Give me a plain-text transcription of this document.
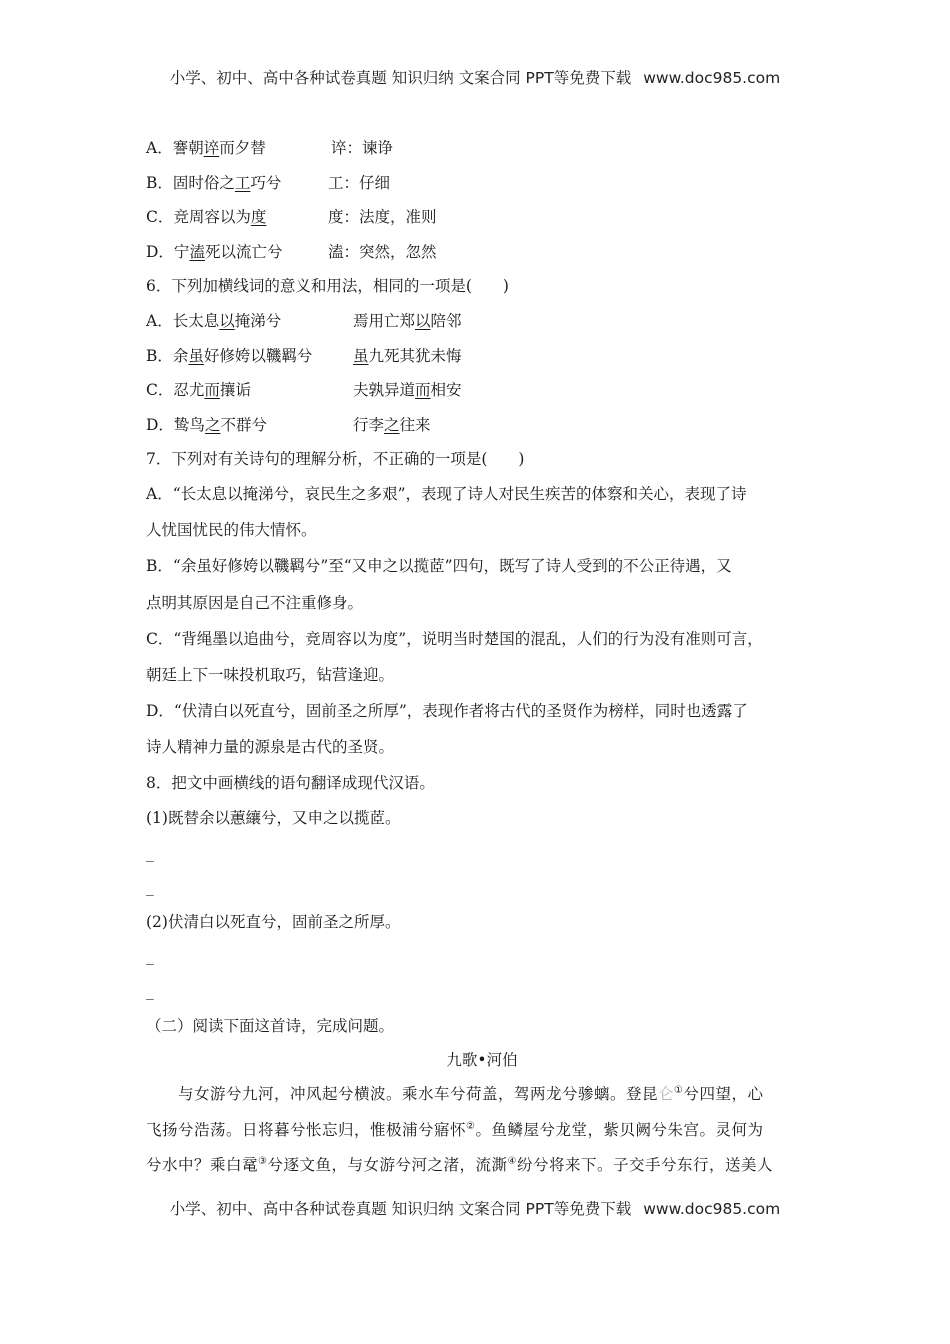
小学、初中、高中各种试卷真题 知识归纳 文案合同 PPT等免费下载 www.doc985.com
A．謇朝谇而夕替	谇：谏诤
B．固时俗之工巧兮	工：仔细
C．竞周容以为度	度：法度，准则
D．宁溘死以流亡兮	溘：突然，忽然
6．下列加横线词的意义和用法，相同的一项是(　　)
A．长太息以掩涕兮	焉用亡郑以陪邻
B．余虽好修姱以鞿羁兮	虽九死其犹未悔
C．忍尤而攘诟	夫孰异道而相安
D．鸷鸟之不群兮	行李之往来
7．下列对有关诗句的理解分析，不正确的一项是(　　)
A．“长太息以掩涕兮，哀民生之多艰”，表现了诗人对民生疾苦的体察和关心，表现了诗
人忧国忧民的伟大情怀。
B．“余虽好修姱以鞿羁兮”至“又申之以揽茝”四句，既写了诗人受到的不公正待遇，又
点明其原因是自己不注重修身。
C．“背绳墨以追曲兮，竞周容以为度”，说明当时楚国的混乱，人们的行为没有准则可言，
朝廷上下一味投机取巧，钻营逢迎。
D．“伏清白以死直兮，固前圣之所厚”，表现作者将古代的圣贤作为榜样，同时也透露了
诗人精神力量的源泉是古代的圣贤。
8．把文中画横线的语句翻译成现代汉语。
(1)既替余以蕙纕兮，又申之以揽茝。
_
_
(2)伏清白以死直兮，固前圣之所厚。
_
_
（二）阅读下面这首诗，完成问题。
九歌•河伯
与女游兮九河，冲风起兮横波。乘水车兮荷盖，驾两龙兮骖螭。登昆仑①兮四望，心
飞扬兮浩荡。日将暮兮怅忘归，惟极浦兮寤怀②。鱼鳞屋兮龙堂，紫贝阙兮朱宫。灵何为
兮水中？乘白鼋③兮逐文鱼，与女游兮河之渚，流澌④纷兮将来下。子交手兮东行，送美人
小学、初中、高中各种试卷真题 知识归纳 文案合同 PPT等免费下载 www.doc985.com
